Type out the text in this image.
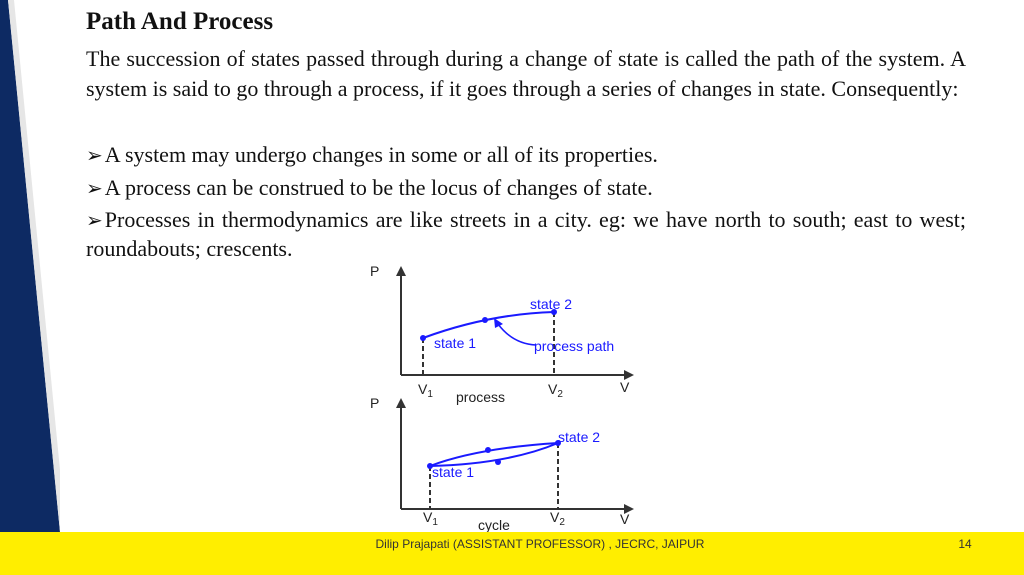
Dilip Prajapati (ASSISTANT PROFESSOR) , JECRC, JAIPUR	14
Path And Process
The succession of states passed through during a change of state is called the path of the system. A system is said to go through a process, if it goes through a series of changes in state. Consequently:
➢A system may undergo changes in some or all of its properties.
➢A process can be construed to be the locus of changes of state.
➢Processes in thermodynamics are like streets in a city. eg: we have north to south; east to west; roundabouts; crescents.
P
V
state 2
state 1	process path
$V_1$	$V_2$
process
P
V
state 2
state 1
$V_1$	$V_2$
cycle
